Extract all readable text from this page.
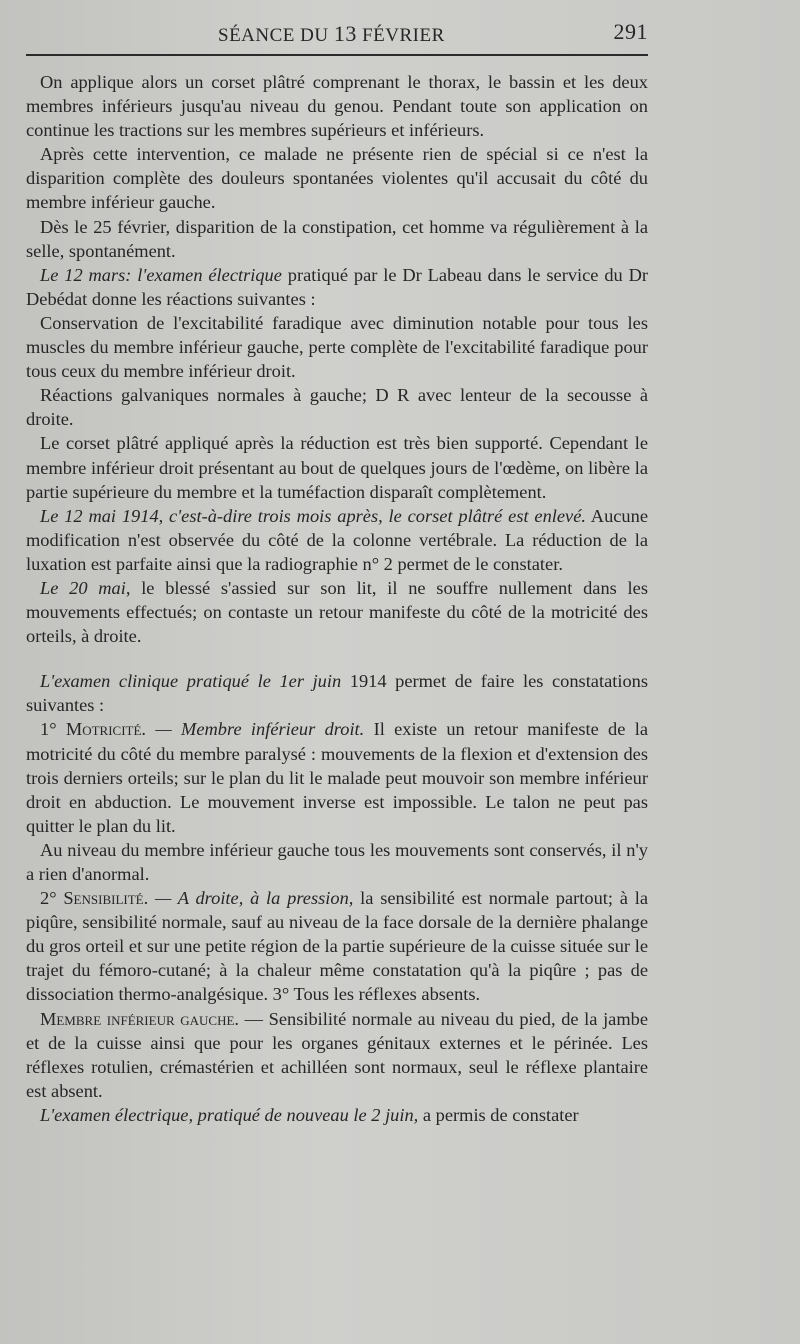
SÉANCE DU 13 FÉVRIER	291

On applique alors un corset plâtré comprenant le thorax, le bassin et les deux membres inférieurs jusqu'au niveau du genou. Pendant toute son application on continue les tractions sur les membres supérieurs et inférieurs.

Après cette intervention, ce malade ne présente rien de spécial si ce n'est la disparition complète des douleurs spontanées violentes qu'il accusait du côté du membre inférieur gauche.

Dès le 25 février, disparition de la constipation, cet homme va régulièrement à la selle, spontanément.

Le 12 mars: l'examen électrique pratiqué par le Dr Labeau dans le service du Dr Debédat donne les réactions suivantes :

Conservation de l'excitabilité faradique avec diminution notable pour tous les muscles du membre inférieur gauche, perte complète de l'excitabilité faradique pour tous ceux du membre inférieur droit.

Réactions galvaniques normales à gauche; D R avec lenteur de la secousse à droite.

Le corset plâtré appliqué après la réduction est très bien supporté. Cependant le membre inférieur droit présentant au bout de quelques jours de l'œdème, on libère la partie supérieure du membre et la tuméfaction disparaît complètement.

Le 12 mai 1914, c'est-à-dire trois mois après, le corset plâtré est enlevé. Aucune modification n'est observée du côté de la colonne vertébrale. La réduction de la luxation est parfaite ainsi que la radiographie n° 2 permet de le constater.

Le 20 mai, le blessé s'assied sur son lit, il ne souffre nullement dans les mouvements effectués; on contaste un retour manifeste du côté de la motricité des orteils, à droite.

L'examen clinique pratiqué le 1er juin 1914 permet de faire les constatations suivantes :

1° Motricité. — Membre inférieur droit. Il existe un retour manifeste de la motricité du côté du membre paralysé : mouvements de la flexion et d'extension des trois derniers orteils; sur le plan du lit le malade peut mouvoir son membre inférieur droit en abduction. Le mouvement inverse est impossible. Le talon ne peut pas quitter le plan du lit.

Au niveau du membre inférieur gauche tous les mouvements sont conservés, il n'y a rien d'anormal.

2° Sensibilité. — A droite, à la pression, la sensibilité est normale partout; à la piqûre, sensibilité normale, sauf au niveau de la face dorsale de la dernière phalange du gros orteil et sur une petite région de la partie supérieure de la cuisse située sur le trajet du fémoro-cutané; à la chaleur même constatation qu'à la piqûre ; pas de dissociation thermo-analgésique. 3° Tous les réflexes absents.

Membre inférieur gauche. — Sensibilité normale au niveau du pied, de la jambe et de la cuisse ainsi que pour les organes génitaux externes et le périnée. Les réflexes rotulien, crémastérien et achilléen sont normaux, seul le réflexe plantaire est absent.

L'examen électrique, pratiqué de nouveau le 2 juin, a permis de constater
